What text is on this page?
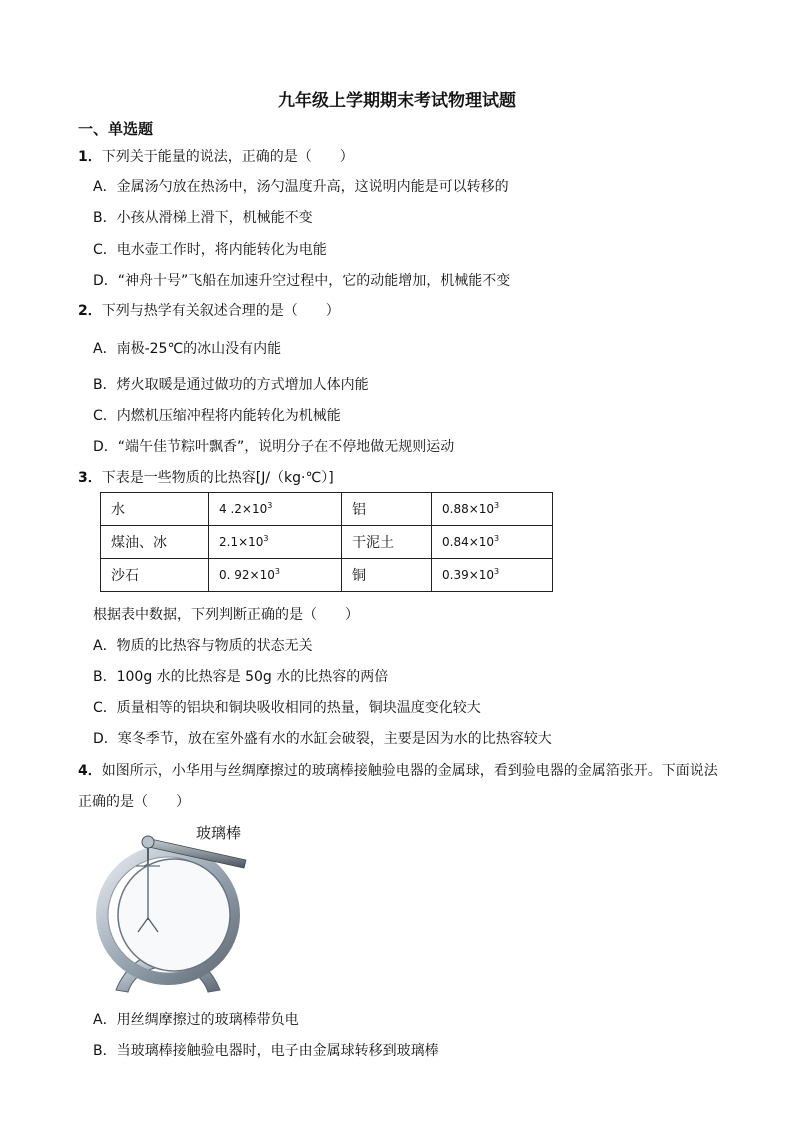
九年级上学期期末考试物理试题
一、单选题
1．下列关于能量的说法，正确的是（　　）
A．金属汤勺放在热汤中，汤勺温度升高，这说明内能是可以转移的
B．小孩从滑梯上滑下，机械能不变
C．电水壶工作时，将内能转化为电能
D．“神舟十号”飞船在加速升空过程中，它的动能增加，机械能不变
2．下列与热学有关叙述合理的是（　　）
A．南极-25℃的冰山没有内能
B．烤火取暖是通过做功的方式增加人体内能
C．内燃机压缩冲程将内能转化为机械能
D．“端午佳节粽叶飘香”，说明分子在不停地做无规则运动
3．下表是一些物质的比热容[J/（kg·℃）]
水	4 $.2\times 10^3$	铝	$0.88\times 10^3$
煤油、冰	$2.1\times 10^3$	干泥土	$0.84\times 10^3$
沙石	0. $92\times 10^3$	铜	$0.39\times 10^3$
根据表中数据，下列判断正确的是（　　）
A．物质的比热容与物质的状态无关
B．100g 水的比热容是 50g 水的比热容的两倍
C．质量相等的铝块和铜块吸收相同的热量，铜块温度变化较大
D．寒冬季节，放在室外盛有水的水缸会破裂，主要是因为水的比热容较大
4．如图所示，小华用与丝绸摩擦过的玻璃棒接触验电器的金属球，看到验电器的金属箔张开。下面说法
正确的是（　　）
玻璃棒
A．用丝绸摩擦过的玻璃棒带负电
B．当玻璃棒接触验电器时，电子由金属球转移到玻璃棒
